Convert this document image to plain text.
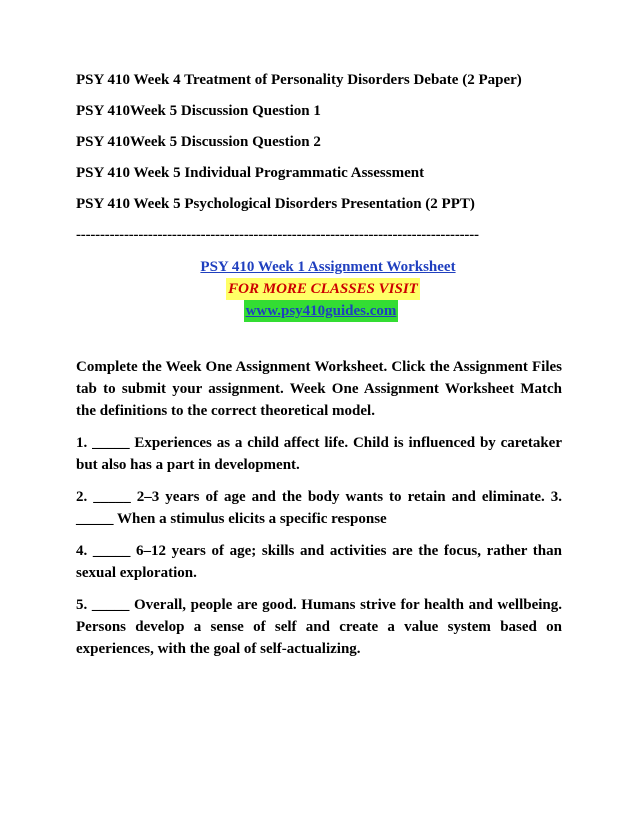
PSY 410 Week 4 Treatment of Personality Disorders Debate (2 Paper)
PSY 410Week 5 Discussion Question 1
PSY 410Week 5 Discussion Question 2
PSY 410 Week 5 Individual Programmatic Assessment
PSY 410 Week 5 Psychological Disorders Presentation (2 PPT)
------------------------------------------------------------------------------------
PSY 410 Week 1 Assignment Worksheet
FOR MORE CLASSES VISIT
www.psy410guides.com

Complete the Week One Assignment Worksheet. Click the Assignment Files tab to submit your assignment. Week One Assignment Worksheet Match the definitions to the correct theoretical model.

1. _____ Experiences as a child affect life. Child is influenced by caretaker but also has a part in development.

2. _____ 2–3 years of age and the body wants to retain and eliminate. 3. _____ When a stimulus elicits a specific response

4. _____ 6–12 years of age; skills and activities are the focus, rather than sexual exploration.

5. _____ Overall, people are good. Humans strive for health and wellbeing. Persons develop a sense of self and create a value system based on experiences, with the goal of self-actualizing.
